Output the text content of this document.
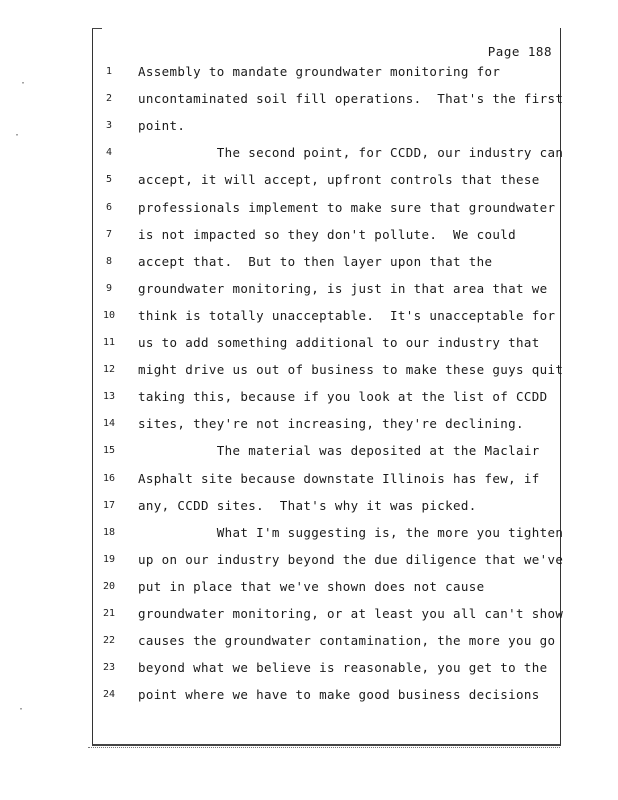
·
·
·
Page 188
1	Assembly to mandate groundwater monitoring for
2	uncontaminated soil fill operations.  That's the first
3	point.
4	The second point, for CCDD, our industry can
5	accept, it will accept, upfront controls that these
6	professionals implement to make sure that groundwater
7	is not impacted so they don't pollute.  We could
8	accept that.  But to then layer upon that the
9	groundwater monitoring, is just in that area that we
10	think is totally unacceptable.  It's unacceptable for
11	us to add something additional to our industry that
12	might drive us out of business to make these guys quit
13	taking this, because if you look at the list of CCDD
14	sites, they're not increasing, they're declining.
15	The material was deposited at the Maclair
16	Asphalt site because downstate Illinois has few, if
17	any, CCDD sites.  That's why it was picked.
18	What I'm suggesting is, the more you tighten
19	up on our industry beyond the due diligence that we've
20	put in place that we've shown does not cause
21	groundwater monitoring, or at least you all can't show
22	causes the groundwater contamination, the more you go
23	beyond what we believe is reasonable, you get to the
24	point where we have to make good business decisions
